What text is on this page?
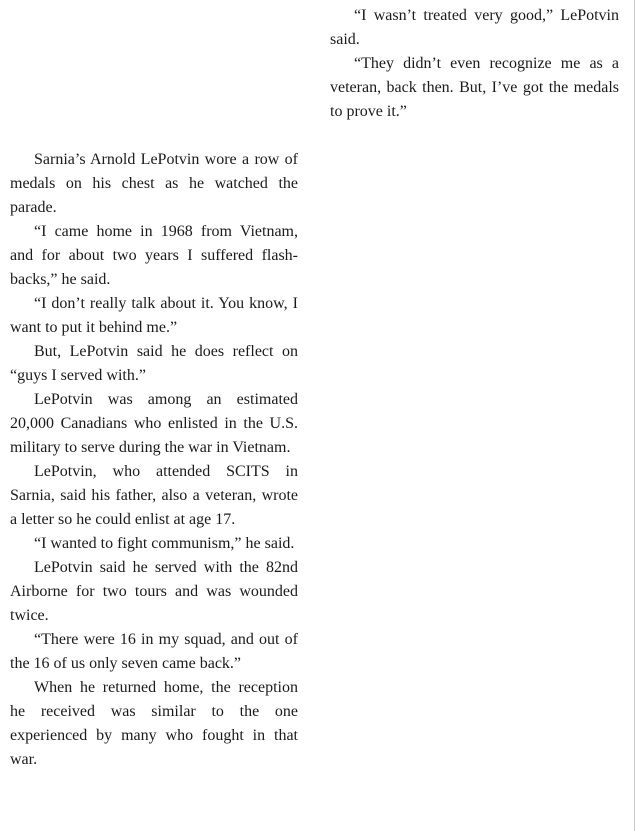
“I wasn’t treated very good,” LePotvin said.

“They didn’t even recognize me as a veteran, back then. But, I’ve got the medals to prove it.”

Sarnia’s Arnold LePotvin wore a row of medals on his chest as he watched the parade.

“I came home in 1968 from Vietnam, and for about two years I suffered flashbacks,” he said.

“I don’t really talk about it. You know, I want to put it behind me.”

But, LePotvin said he does reflect on “guys I served with.”

LePotvin was among an estimated 20,000 Canadians who enlisted in the U.S. military to serve during the war in Vietnam.

LePotvin, who attended SCITS in Sarnia, said his father, also a veteran, wrote a letter so he could enlist at age 17.

“I wanted to fight communism,” he said.

LePotvin said he served with the 82nd Airborne for two tours and was wounded twice.

“There were 16 in my squad, and out of the 16 of us only seven came back.”

When he returned home, the reception he received was similar to the one experienced by many who fought in that war.
